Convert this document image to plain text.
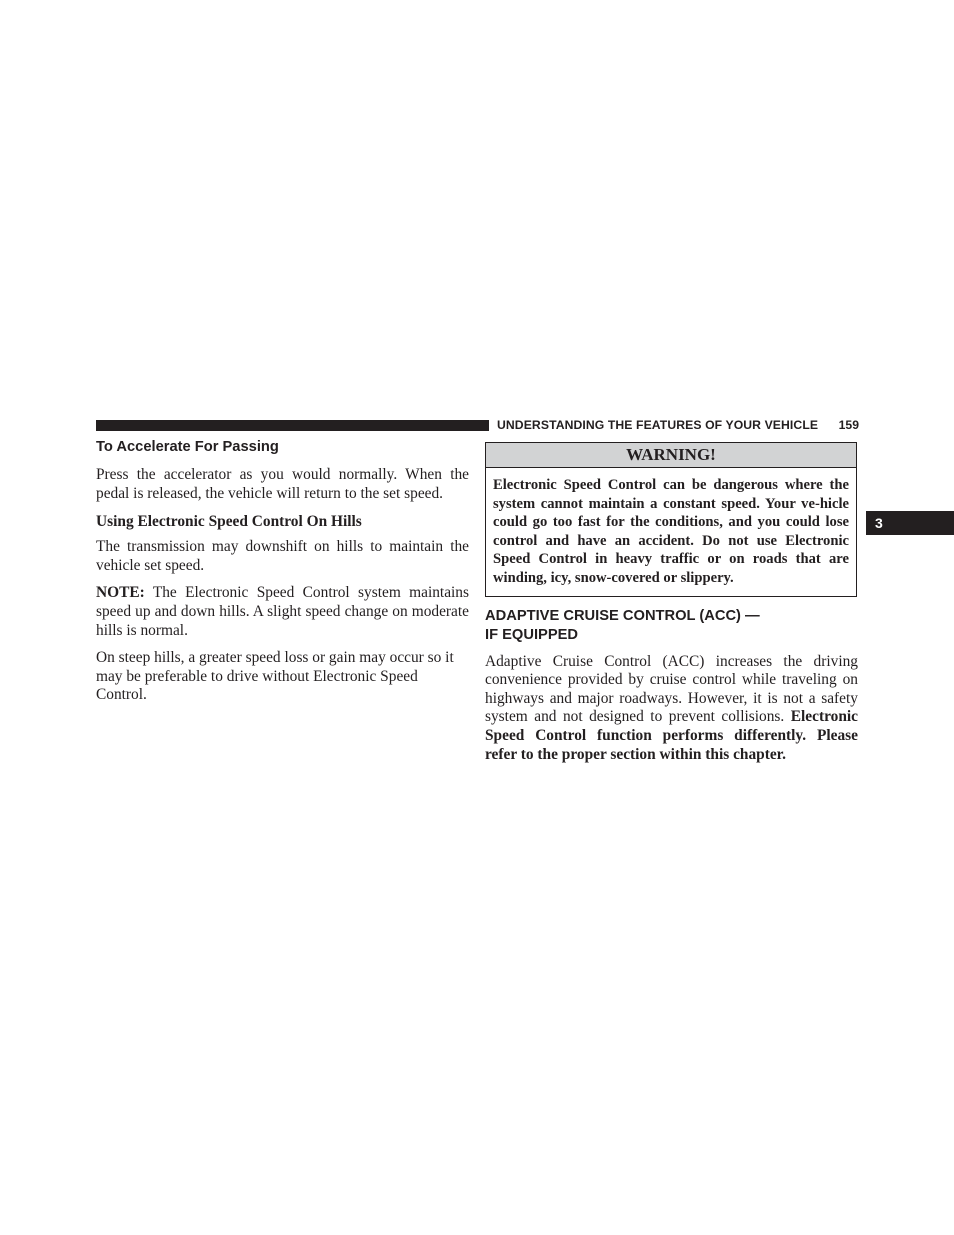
UNDERSTANDING THE FEATURES OF YOUR VEHICLE 159
3
To Accelerate For Passing

Press the accelerator as you would normally. When the pedal is released, the vehicle will return to the set speed.

Using Electronic Speed Control On Hills

The transmission may downshift on hills to maintain the vehicle set speed.

NOTE: The Electronic Speed Control system maintains speed up and down hills. A slight speed change on moderate hills is normal.

On steep hills, a greater speed loss or gain may occur so it may be preferable to drive without Electronic Speed Control.

WARNING!
Electronic Speed Control can be dangerous where the system cannot maintain a constant speed. Your ve-hicle could go too fast for the conditions, and you could lose control and have an accident. Do not use Electronic Speed Control in heavy traffic or on roads that are winding, icy, snow-covered or slippery.
ADAPTIVE CRUISE CONTROL (ACC) —
IF EQUIPPED

Adaptive Cruise Control (ACC) increases the driving convenience provided by cruise control while traveling on highways and major roadways. However, it is not a safety system and not designed to prevent collisions. Electronic Speed Control function performs differently. Please refer to the proper section within this chapter.
